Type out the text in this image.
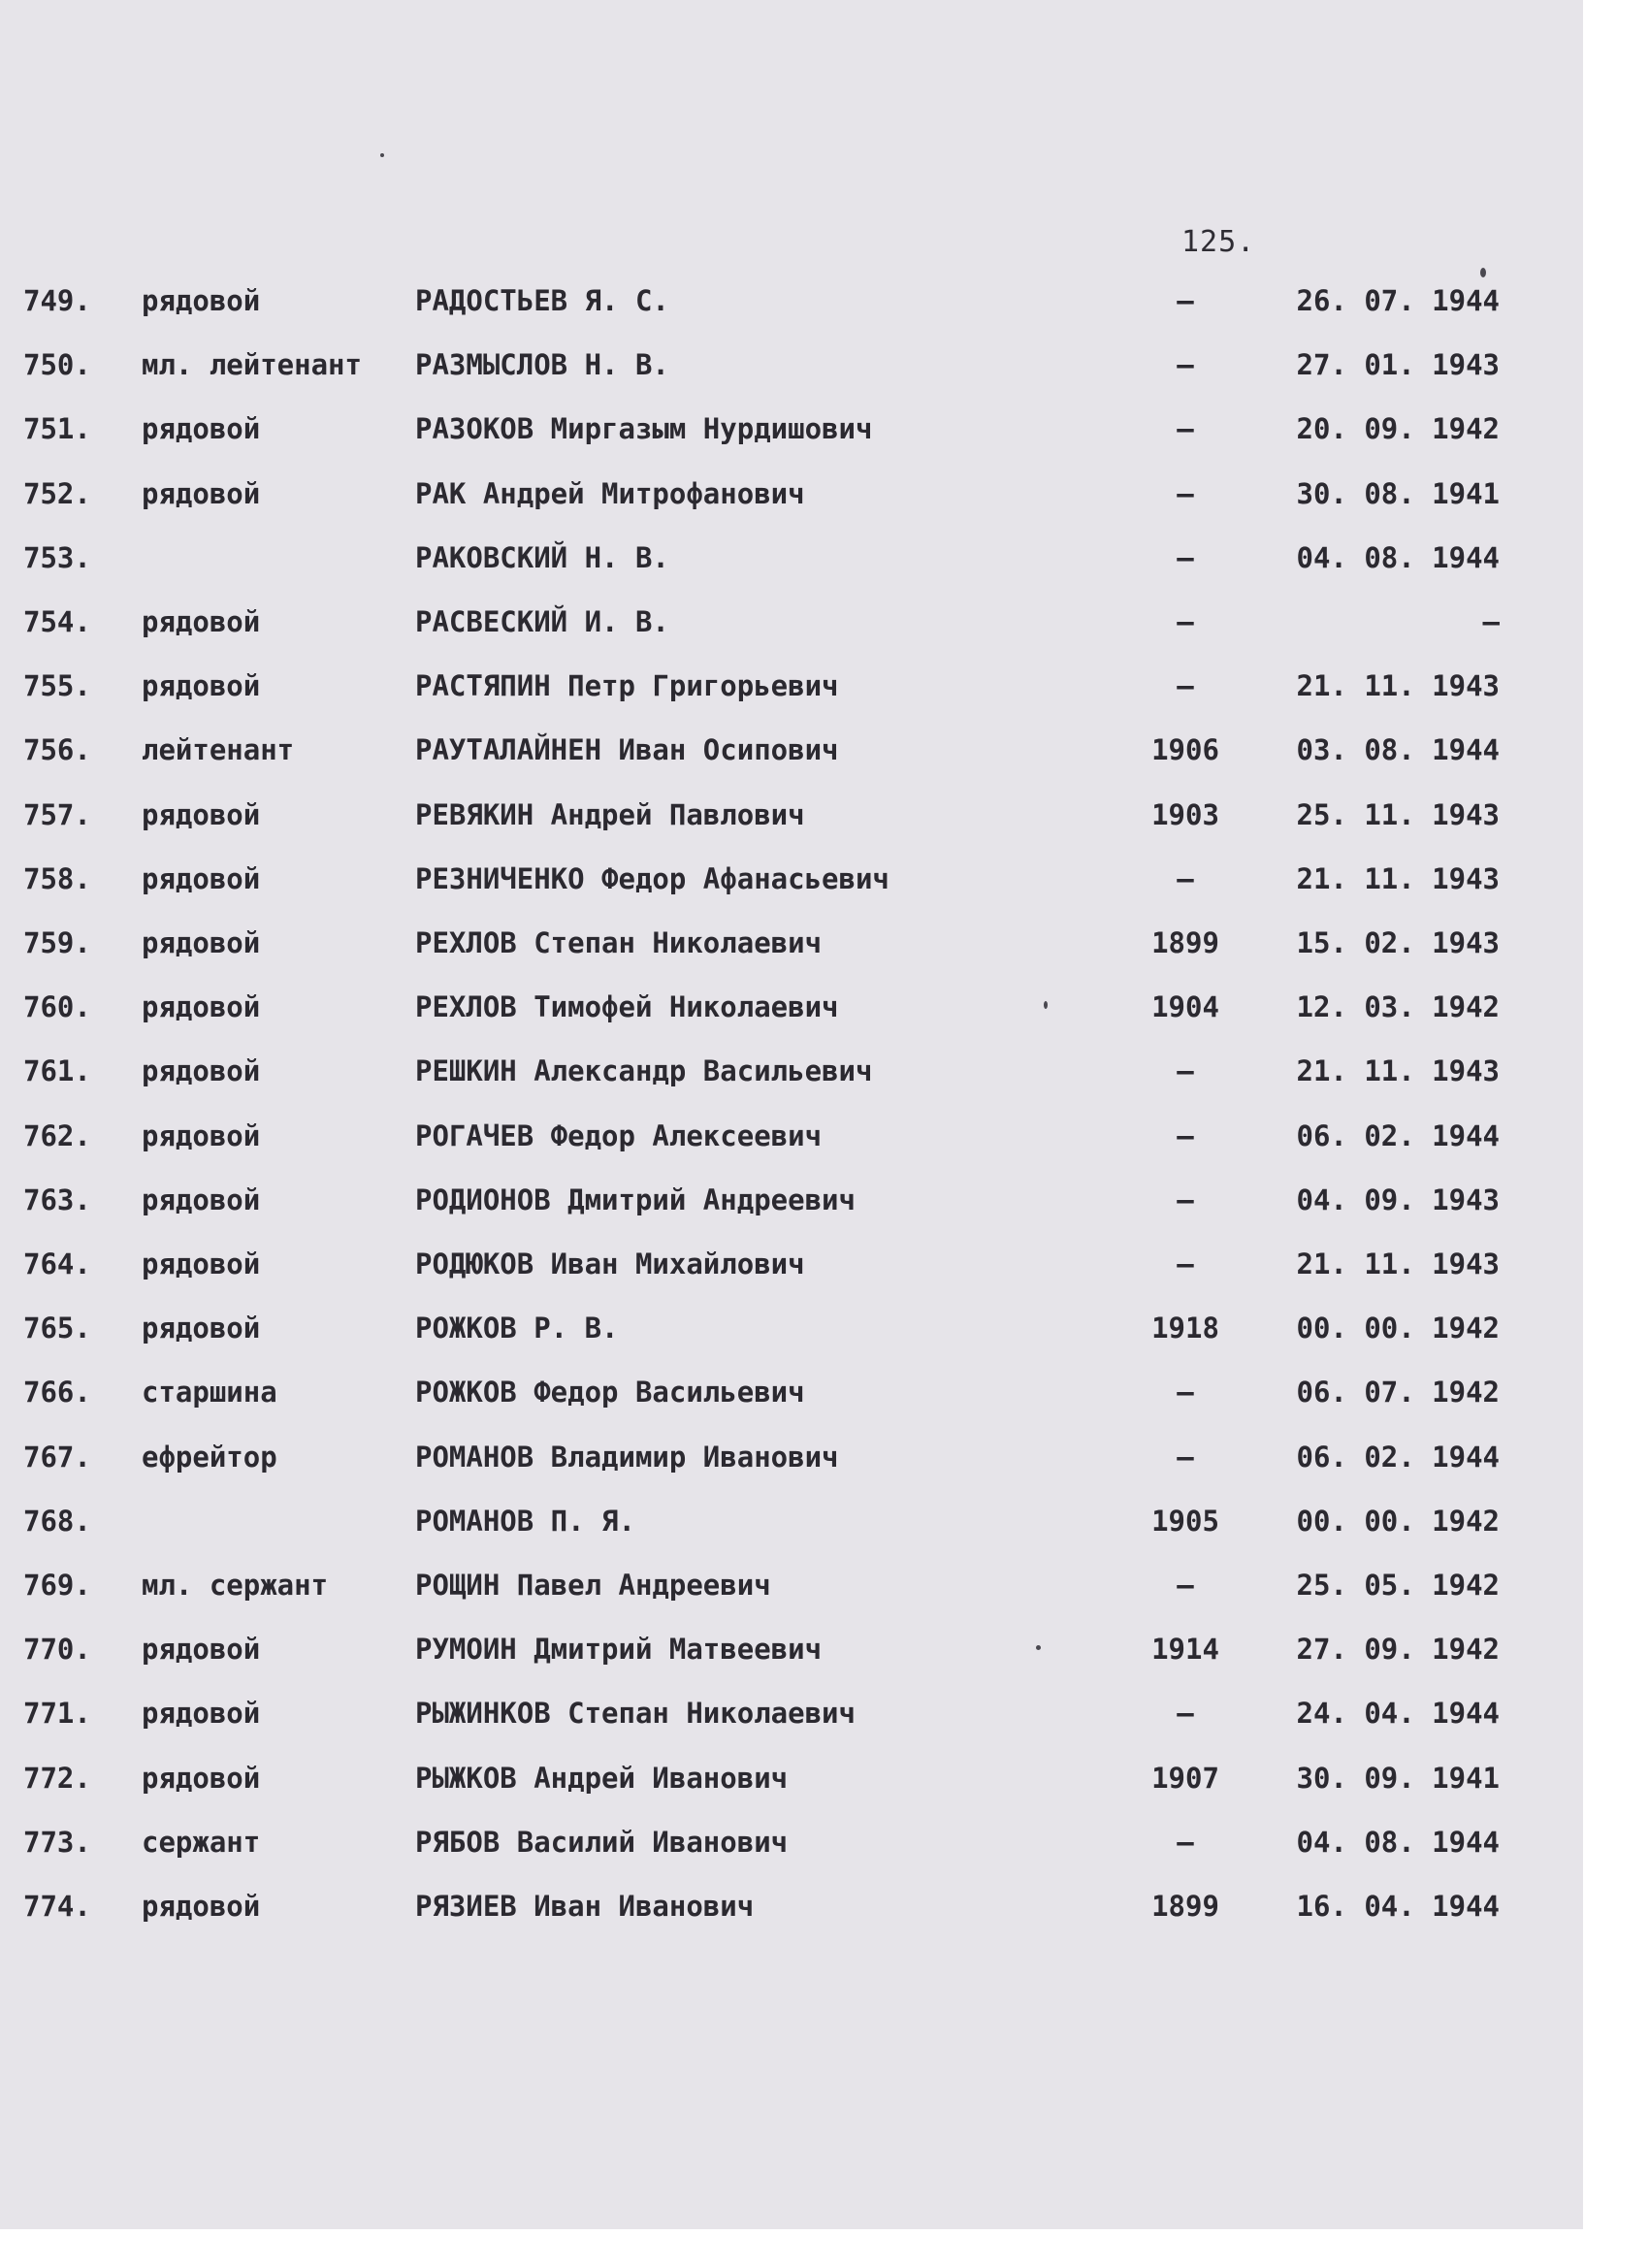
125.
749. рядовой	РАДОСТЬЕВ Я. С.	–	26. 07. 1944
750. мл. лейтенант РАЗМЫСЛОВ Н. В.	–	27. 01. 1943
751. рядовой	РАЗОКОВ Миргазым Нурдишович	–	20. 09. 1942
752. рядовой	РАК Андрей Митрофанович	–	30. 08. 1941
753.	РАКОВСКИЙ Н. В.	–	04. 08. 1944
754. рядовой	РАСВЕСКИЙ И. В.	–	–
755. рядовой	РАСТЯПИН Петр Григорьевич	–	21. 11. 1943
756. лейтенант	РАУТАЛАЙНЕН Иван Осипович	1906	03. 08. 1944
757. рядовой	РЕВЯКИН Андрей Павлович	1903	25. 11. 1943
758. рядовой	РЕЗНИЧЕНКО Федор Афанасьевич	–	21. 11. 1943
759. рядовой	РЕХЛОВ Степан Николаевич	1899	15. 02. 1943
760. рядовой	РЕХЛОВ Тимофей Николаевич	1904	12. 03. 1942
761. рядовой	РЕШКИН Александр Васильевич	–	21. 11. 1943
762. рядовой	РОГАЧЕВ Федор Алексеевич	–	06. 02. 1944
763. рядовой	РОДИОНОВ Дмитрий Андреевич	–	04. 09. 1943
764. рядовой	РОДЮКОВ Иван Михайлович	–	21. 11. 1943
765. рядовой	РОЖКОВ Р. В.	1918	00. 00. 1942
766. старшина	РОЖКОВ Федор Васильевич	–	06. 07. 1942
767. ефрейтор	РОМАНОВ Владимир Иванович	–	06. 02. 1944
768.	РОМАНОВ П. Я.	1905	00. 00. 1942
769. мл. сержант	РОЩИН Павел Андреевич	–	25. 05. 1942
770. рядовой	РУМОИН Дмитрий Матвеевич	1914	27. 09. 1942
771. рядовой	РЫЖИНКОВ Степан Николаевич	–	24. 04. 1944
772. рядовой	РЫЖКОВ Андрей Иванович	1907	30. 09. 1941
773. сержант	РЯБОВ Василий Иванович	–	04. 08. 1944
774. рядовой	РЯЗИЕВ Иван Иванович	1899	16. 04. 1944
